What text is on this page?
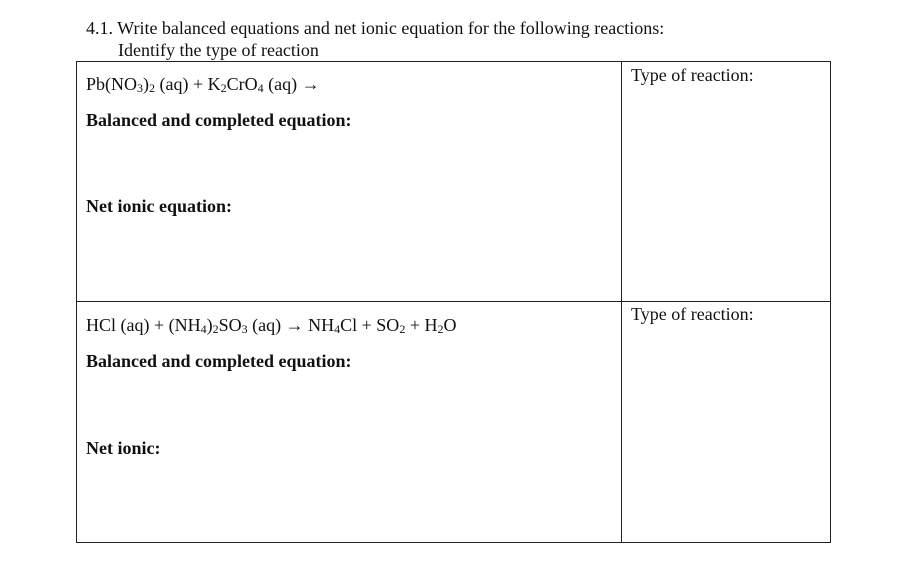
4.1. Write balanced equations and net ionic equation for the following reactions:
Identify the type of reaction
Pb(NO3)2 (aq) + K2CrO4 (aq) →
Balanced and completed equation:
Net ionic equation:
Type of reaction:
HCl (aq) + (NH4)2SO3 (aq) → NH4Cl + SO2 + H2O
Balanced and completed equation:
Net ionic:
Type of reaction:
